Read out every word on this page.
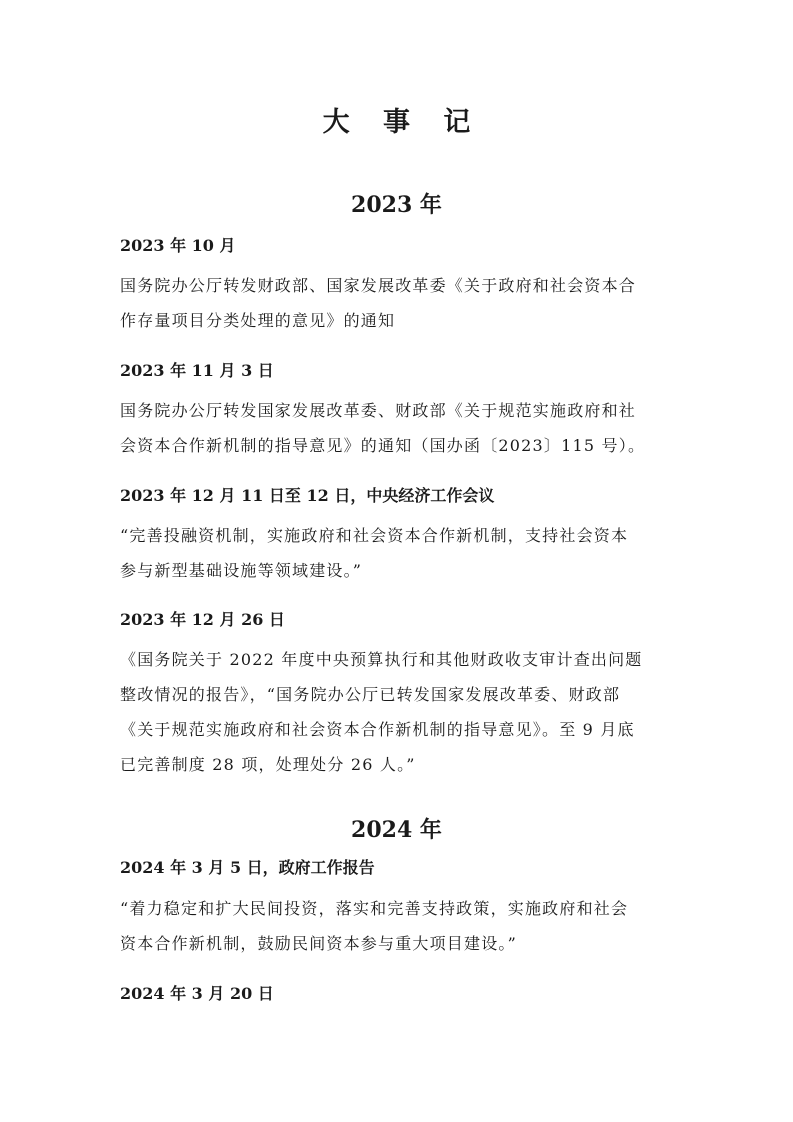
大 事 记
2023 年
2023 年 10 月
国务院办公厅转发财政部、国家发展改革委《关于政府和社会资本合
作存量项目分类处理的意见》的通知
2023 年 11 月 3 日
国务院办公厅转发国家发展改革委、财政部《关于规范实施政府和社
会资本合作新机制的指导意见》的通知（国办函〔2023〕115 号）。
2023 年 12 月 11 日至 12 日，中央经济工作会议
“完善投融资机制，实施政府和社会资本合作新机制，支持社会资本
参与新型基础设施等领域建设。”
2023 年 12 月 26 日
《国务院关于 2022 年度中央预算执行和其他财政收支审计查出问题
整改情况的报告》，“国务院办公厅已转发国家发展改革委、财政部
《关于规范实施政府和社会资本合作新机制的指导意见》。至 9 月底
已完善制度 28 项，处理处分 26 人。”
2024 年
2024 年 3 月 5 日，政府工作报告
“着力稳定和扩大民间投资，落实和完善支持政策，实施政府和社会
资本合作新机制，鼓励民间资本参与重大项目建设。”
2024 年 3 月 20 日
